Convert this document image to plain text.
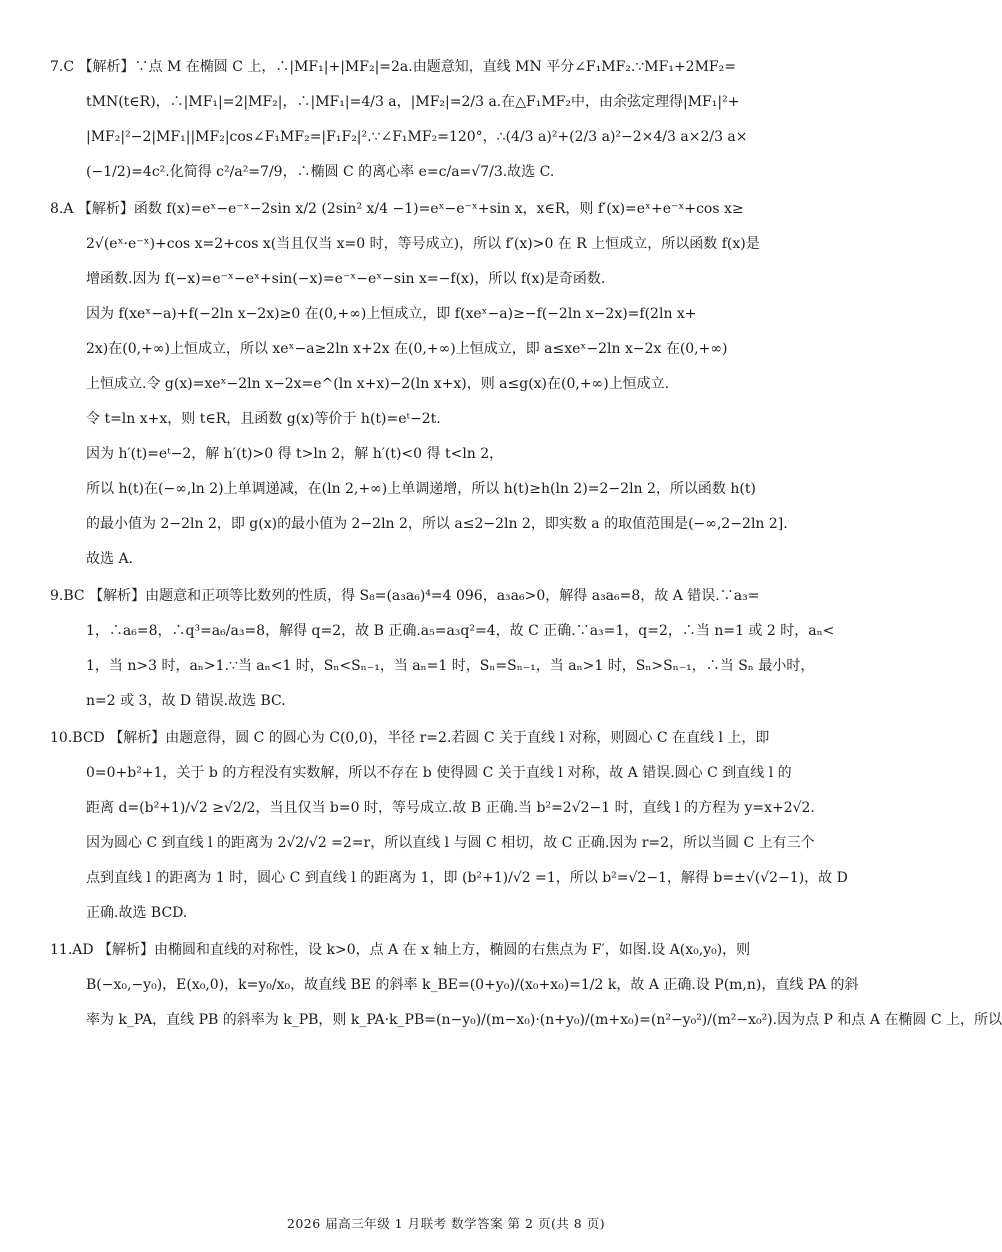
7.C 【解析】∵点 M 在椭圆 C 上，∴|MF₁|+|MF₂|=2a.由题意知，直线 MN 平分∠F₁MF₂.∵MF₁+2MF₂=
tMN(t∈R)，∴|MF₁|=2|MF₂|，∴|MF₁|=4/3 a，|MF₂|=2/3 a.在△F₁MF₂中，由余弦定理得|MF₁|²+
|MF₂|²−2|MF₁||MF₂|cos∠F₁MF₂=|F₁F₂|².∵∠F₁MF₂=120°，∴(4/3 a)²+(2/3 a)²−2×4/3 a×2/3 a×
(−1/2)=4c².化简得 c²/a²=7/9，∴椭圆 C 的离心率 e=c/a=√7/3.故选 C.
8.A 【解析】函数 f(x)=eˣ−e⁻ˣ−2sin x/2 (2sin² x/4 −1)=eˣ−e⁻ˣ+sin x，x∈R，则 f′(x)=eˣ+e⁻ˣ+cos x≥
2√(eˣ·e⁻ˣ)+cos x=2+cos x(当且仅当 x=0 时，等号成立)，所以 f′(x)>0 在 R 上恒成立，所以函数 f(x)是
增函数.因为 f(−x)=e⁻ˣ−eˣ+sin(−x)=e⁻ˣ−eˣ−sin x=−f(x)，所以 f(x)是奇函数.
因为 f(xeˣ−a)+f(−2ln x−2x)≥0 在(0,+∞)上恒成立，即 f(xeˣ−a)≥−f(−2ln x−2x)=f(2ln x+
2x)在(0,+∞)上恒成立，所以 xeˣ−a≥2ln x+2x 在(0,+∞)上恒成立，即 a≤xeˣ−2ln x−2x 在(0,+∞)
上恒成立.令 g(x)=xeˣ−2ln x−2x=e^(ln x+x)−2(ln x+x)，则 a≤g(x)在(0,+∞)上恒成立.
令 t=ln x+x，则 t∈R，且函数 g(x)等价于 h(t)=eᵗ−2t.
因为 h′(t)=eᵗ−2，解 h′(t)>0 得 t>ln 2，解 h′(t)<0 得 t<ln 2，
所以 h(t)在(−∞,ln 2)上单调递减，在(ln 2,+∞)上单调递增，所以 h(t)≥h(ln 2)=2−2ln 2，所以函数 h(t)
的最小值为 2−2ln 2，即 g(x)的最小值为 2−2ln 2，所以 a≤2−2ln 2，即实数 a 的取值范围是(−∞,2−2ln 2].
故选 A.
9.BC 【解析】由题意和正项等比数列的性质，得 S₈=(a₃a₆)⁴=4 096，a₃a₆>0，解得 a₃a₆=8，故 A 错误.∵a₃=
1，∴a₆=8，∴q³=a₆/a₃=8，解得 q=2，故 B 正确.a₅=a₃q²=4，故 C 正确.∵a₃=1，q=2，∴当 n=1 或 2 时，aₙ<
1，当 n>3 时，aₙ>1.∵当 aₙ<1 时，Sₙ<Sₙ₋₁，当 aₙ=1 时，Sₙ=Sₙ₋₁，当 aₙ>1 时，Sₙ>Sₙ₋₁，∴当 Sₙ 最小时，
n=2 或 3，故 D 错误.故选 BC.
10.BCD 【解析】由题意得，圆 C 的圆心为 C(0,0)，半径 r=2.若圆 C 关于直线 l 对称，则圆心 C 在直线 l 上，即
0=0+b²+1，关于 b 的方程没有实数解，所以不存在 b 使得圆 C 关于直线 l 对称，故 A 错误.圆心 C 到直线 l 的
距离 d=(b²+1)/√2 ≥√2/2，当且仅当 b=0 时，等号成立.故 B 正确.当 b²=2√2−1 时，直线 l 的方程为 y=x+2√2.
因为圆心 C 到直线 l 的距离为 2√2/√2 =2=r，所以直线 l 与圆 C 相切，故 C 正确.因为 r=2，所以当圆 C 上有三个
点到直线 l 的距离为 1 时，圆心 C 到直线 l 的距离为 1，即 (b²+1)/√2 =1，所以 b²=√2−1，解得 b=±√(√2−1)，故 D
正确.故选 BCD.
11.AD 【解析】由椭圆和直线的对称性，设 k>0，点 A 在 x 轴上方，椭圆的右焦点为 F′，如图.设 A(x₀,y₀)，则
B(−x₀,−y₀)，E(x₀,0)，k=y₀/x₀，故直线 BE 的斜率 k_BE=(0+y₀)/(x₀+x₀)=1/2 k，故 A 正确.设 P(m,n)，直线 PA 的斜
率为 k_PA，直线 PB 的斜率为 k_PB，则 k_PA·k_PB=(n−y₀)/(m−x₀)·(n+y₀)/(m+x₀)=(n²−y₀²)/(m²−x₀²).因为点 P 和点 A 在椭圆 C 上，所以
2026 届高三年级 1 月联考 数学答案 第 2 页(共 8 页)
